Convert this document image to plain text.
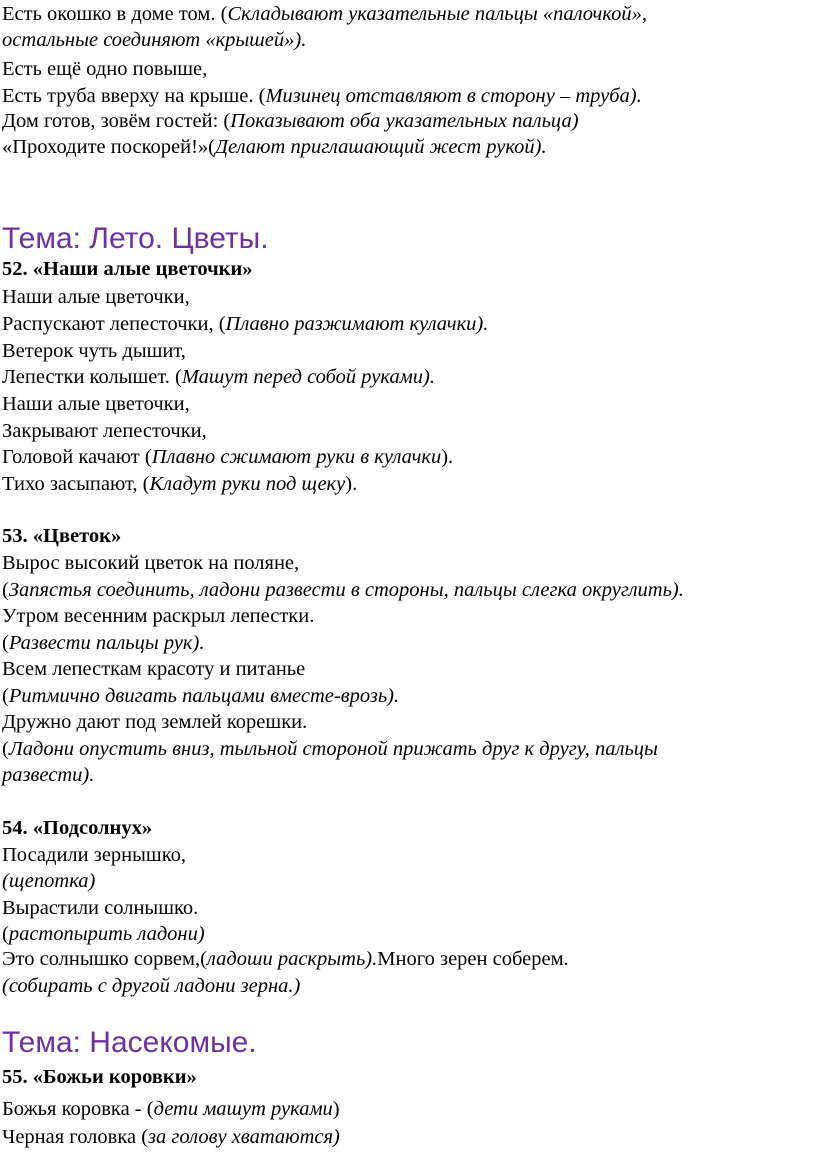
Есть окошко в доме том. (Складывают указательные пальцы «палочкой»,

остальные соединяют «крышей»).

Есть ещё одно повыше,

Есть труба вверху на крыше. (Мизинец отставляют в сторону – труба).

Дом готов, зовём гостей: (Показывают оба указательных пальца)

«Проходите поскорей!»(Делают приглашающий жест рукой).

Тема: Лето. Цветы.

52. «Наши алые цветочки»

Наши алые цветочки,

Распускают лепесточки, (Плавно разжимают кулачки).

Ветерок чуть дышит,

Лепестки колышет. (Машут перед собой руками).

Наши алые цветочки,

Закрывают лепесточки,

Головой качают (Плавно сжимают руки в кулачки).

Тихо засыпают, (Кладут руки под щеку).

53. «Цветок»

Вырос высокий цветок на поляне,

(Запястья соединить, ладони развести в стороны, пальцы слегка округлить).

Утром весенним раскрыл лепестки.

(Развести пальцы рук).

Всем лепесткам красоту и питанье

(Ритмично двигать пальцами вместе-врозь).

Дружно дают под землей корешки.

(Ладони опустить вниз, тыльной стороной прижать друг к другу, пальцы

развести).

54. «Подсолнух»

Посадили зернышко,

(щепотка)

Вырастили солнышко.

(растопырить ладони)

Это солнышко сорвем,(ладоши раскрыть).Много зерен соберем.

(собирать с другой ладони зерна.)

Тема: Насекомые.

55. «Божьи коровки»

Божья коровка - (дети машут руками)

Черная головка (за голову хватаются)
